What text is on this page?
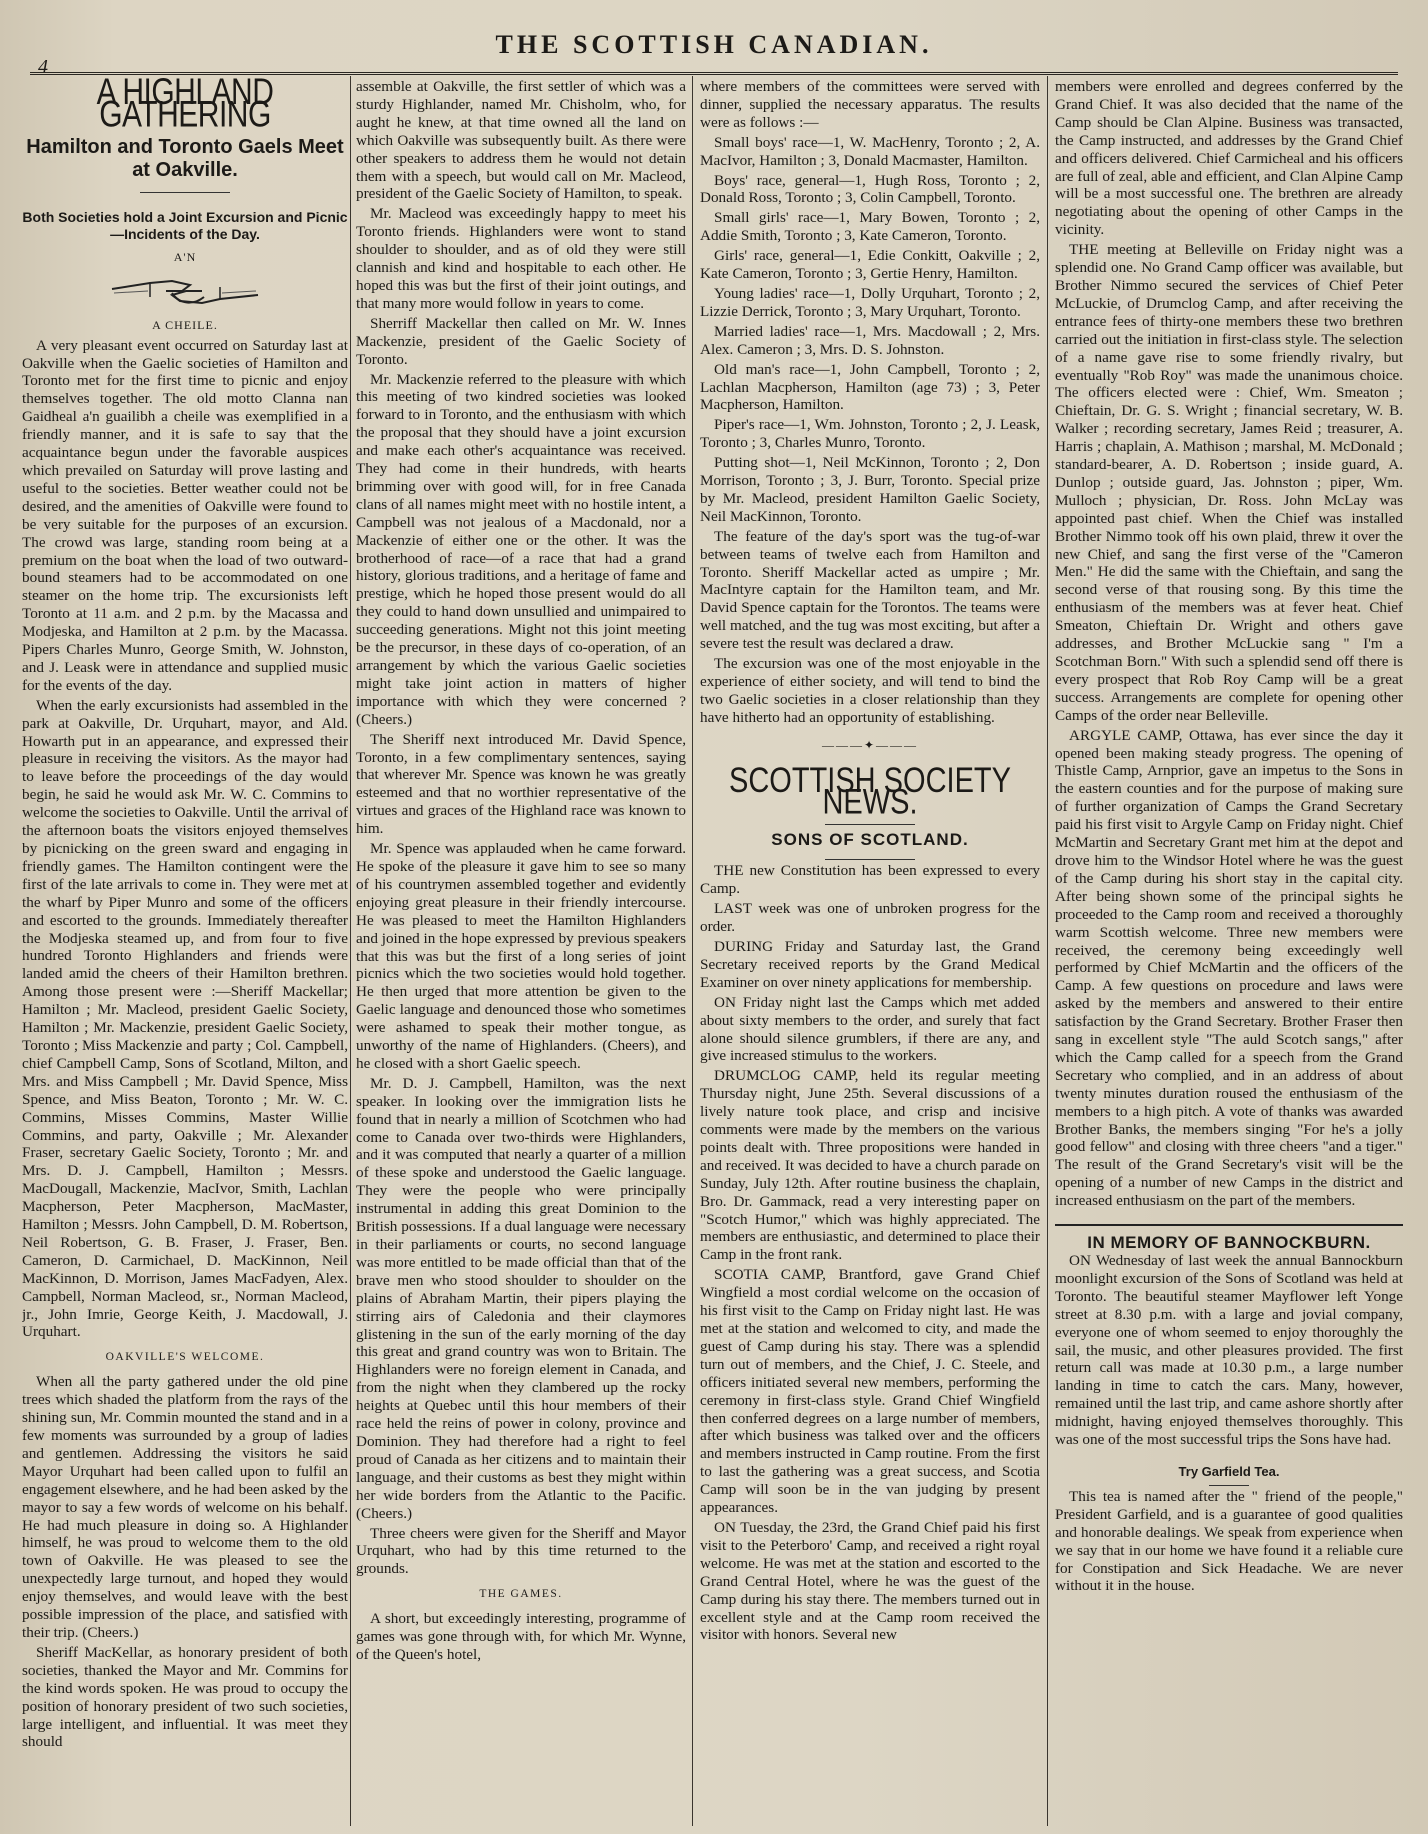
4
THE SCOTTISH CANADIAN.
A HIGHLAND GATHERING
Hamilton and Toronto Gaels Meet at Oakville.
Both Societies hold a Joint Excursion and Picnic—Incidents of the Day.
A'N
A CHEILE.

A very pleasant event occurred on Saturday last at Oakville when the Gaelic societies of Hamilton and Toronto met for the first time to picnic and enjoy themselves together. The old motto Clanna nan Gaidheal a'n guailibh a cheile was exemplified in a friendly manner, and it is safe to say that the acquaintance begun under the favorable auspices which prevailed on Saturday will prove lasting and useful to the societies. Better weather could not be desired, and the amenities of Oakville were found to be very suitable for the purposes of an excursion. The crowd was large, standing room being at a premium on the boat when the load of two outward-bound steamers had to be accommodated on one steamer on the home trip. The excursionists left Toronto at 11 a.m. and 2 p.m. by the Macassa and Modjeska, and Hamilton at 2 p.m. by the Macassa. Pipers Charles Munro, George Smith, W. Johnston, and J. Leask were in attendance and supplied music for the events of the day.

When the early excursionists had assembled in the park at Oakville, Dr. Urquhart, mayor, and Ald. Howarth put in an appearance, and expressed their pleasure in receiving the visitors. As the mayor had to leave before the proceedings of the day would begin, he said he would ask Mr. W. C. Commins to welcome the societies to Oakville. Until the arrival of the afternoon boats the visitors enjoyed themselves by picnicking on the green sward and engaging in friendly games. The Hamilton contingent were the first of the late arrivals to come in. They were met at the wharf by Piper Munro and some of the officers and escorted to the grounds. Immediately thereafter the Modjeska steamed up, and from four to five hundred Toronto Highlanders and friends were landed amid the cheers of their Hamilton brethren. Among those present were :—Sheriff Mackellar; Hamilton ; Mr. Macleod, president Gaelic Society, Hamilton ; Mr. Mackenzie, president Gaelic Society, Toronto ; Miss Mackenzie and party ; Col. Campbell, chief Campbell Camp, Sons of Scotland, Milton, and Mrs. and Miss Campbell ; Mr. David Spence, Miss Spence, and Miss Beaton, Toronto ; Mr. W. C. Commins, Misses Commins, Master Willie Commins, and party, Oakville ; Mr. Alexander Fraser, secretary Gaelic Society, Toronto ; Mr. and Mrs. D. J. Campbell, Hamilton ; Messrs. MacDougall, Mackenzie, MacIvor, Smith, Lachlan Macpherson, Peter Macpherson, MacMaster, Hamilton ; Messrs. John Campbell, D. M. Robertson, Neil Robertson, G. B. Fraser, J. Fraser, Ben. Cameron, D. Carmichael, D. MacKinnon, Neil MacKinnon, D. Morrison, James MacFadyen, Alex. Campbell, Norman Macleod, sr., Norman Macleod, jr., John Imrie, George Keith, J. Macdowall, J. Urquhart.

OAKVILLE'S WELCOME.

When all the party gathered under the old pine trees which shaded the platform from the rays of the shining sun, Mr. Commin mounted the stand and in a few moments was surrounded by a group of ladies and gentlemen. Addressing the visitors he said Mayor Urquhart had been called upon to fulfil an engagement elsewhere, and he had been asked by the mayor to say a few words of welcome on his behalf. He had much pleasure in doing so. A Highlander himself, he was proud to welcome them to the old town of Oakville. He was pleased to see the unexpectedly large turnout, and hoped they would enjoy themselves, and would leave with the best possible impression of the place, and satisfied with their trip. (Cheers.)

Sheriff MacKellar, as honorary president of both societies, thanked the Mayor and Mr. Commins for the kind words spoken. He was proud to occupy the position of honorary president of two such societies, large intelligent, and influential. It was meet they should

assemble at Oakville, the first settler of which was a sturdy Highlander, named Mr. Chisholm, who, for aught he knew, at that time owned all the land on which Oakville was subsequently built. As there were other speakers to address them he would not detain them with a speech, but would call on Mr. Macleod, president of the Gaelic Society of Hamilton, to speak.

Mr. Macleod was exceedingly happy to meet his Toronto friends. Highlanders were wont to stand shoulder to shoulder, and as of old they were still clannish and kind and hospitable to each other. He hoped this was but the first of their joint outings, and that many more would follow in years to come.

Sherriff Mackellar then called on Mr. W. Innes Mackenzie, president of the Gaelic Society of Toronto.

Mr. Mackenzie referred to the pleasure with which this meeting of two kindred societies was looked forward to in Toronto, and the enthusiasm with which the proposal that they should have a joint excursion and make each other's acquaintance was received. They had come in their hundreds, with hearts brimming over with good will, for in free Canada clans of all names might meet with no hostile intent, a Campbell was not jealous of a Macdonald, nor a Mackenzie of either one or the other. It was the brotherhood of race—of a race that had a grand history, glorious traditions, and a heritage of fame and prestige, which he hoped those present would do all they could to hand down unsullied and unimpaired to succeeding generations. Might not this joint meeting be the precursor, in these days of co-operation, of an arrangement by which the various Gaelic societies might take joint action in matters of higher importance with which they were concerned ? (Cheers.)

The Sheriff next introduced Mr. David Spence, Toronto, in a few complimentary sentences, saying that wherever Mr. Spence was known he was greatly esteemed and that no worthier representative of the virtues and graces of the Highland race was known to him.

Mr. Spence was applauded when he came forward. He spoke of the pleasure it gave him to see so many of his countrymen assembled together and evidently enjoying great pleasure in their friendly intercourse. He was pleased to meet the Hamilton Highlanders and joined in the hope expressed by previous speakers that this was but the first of a long series of joint picnics which the two societies would hold together. He then urged that more attention be given to the Gaelic language and denounced those who sometimes were ashamed to speak their mother tongue, as unworthy of the name of Highlanders. (Cheers), and he closed with a short Gaelic speech.

Mr. D. J. Campbell, Hamilton, was the next speaker. In looking over the immigration lists he found that in nearly a million of Scotchmen who had come to Canada over two-thirds were Highlanders, and it was computed that nearly a quarter of a million of these spoke and understood the Gaelic language. They were the people who were principally instrumental in adding this great Dominion to the British possessions. If a dual language were necessary in their parliaments or courts, no second language was more entitled to be made official than that of the brave men who stood shoulder to shoulder on the plains of Abraham Martin, their pipers playing the stirring airs of Caledonia and their claymores glistening in the sun of the early morning of the day this great and grand country was won to Britain. The Highlanders were no foreign element in Canada, and from the night when they clambered up the rocky heights at Quebec until this hour members of their race held the reins of power in colony, province and Dominion. They had therefore had a right to feel proud of Canada as her citizens and to maintain their language, and their customs as best they might within her wide borders from the Atlantic to the Pacific. (Cheers.)

Three cheers were given for the Sheriff and Mayor Urquhart, who had by this time returned to the grounds.

THE GAMES.

A short, but exceedingly interesting, programme of games was gone through with, for which Mr. Wynne, of the Queen's hotel,

where members of the committees were served with dinner, supplied the necessary apparatus. The results were as follows :—

Small boys' race—1, W. MacHenry, Toronto ; 2, A. MacIvor, Hamilton ; 3, Donald Macmaster, Hamilton.

Boys' race, general—1, Hugh Ross, Toronto ; 2, Donald Ross, Toronto ; 3, Colin Campbell, Toronto.

Small girls' race—1, Mary Bowen, Toronto ; 2, Addie Smith, Toronto ; 3, Kate Cameron, Toronto.

Girls' race, general—1, Edie Conkitt, Oakville ; 2, Kate Cameron, Toronto ; 3, Gertie Henry, Hamilton.

Young ladies' race—1, Dolly Urquhart, Toronto ; 2, Lizzie Derrick, Toronto ; 3, Mary Urquhart, Toronto.

Married ladies' race—1, Mrs. Macdowall ; 2, Mrs. Alex. Cameron ; 3, Mrs. D. S. Johnston.

Old man's race—1, John Campbell, Toronto ; 2, Lachlan Macpherson, Hamilton (age 73) ; 3, Peter Macpherson, Hamilton.

Piper's race—1, Wm. Johnston, Toronto ; 2, J. Leask, Toronto ; 3, Charles Munro, Toronto.

Putting shot—1, Neil McKinnon, Toronto ; 2, Don Morrison, Toronto ; 3, J. Burr, Toronto. Special prize by Mr. Macleod, president Hamilton Gaelic Society, Neil MacKinnon, Toronto.

The feature of the day's sport was the tug-of-war between teams of twelve each from Hamilton and Toronto. Sheriff Mackellar acted as umpire ; Mr. MacIntyre captain for the Hamilton team, and Mr. David Spence captain for the Torontos. The teams were well matched, and the tug was most exciting, but after a severe test the result was declared a draw.

The excursion was one of the most enjoyable in the experience of either society, and will tend to bind the two Gaelic societies in a closer relationship than they have hitherto had an opportunity of establishing.

———✦———
SCOTTISH SOCIETY NEWS.
SONS OF SCOTLAND.

THE new Constitution has been expressed to every Camp.

LAST week was one of unbroken progress for the order.

DURING Friday and Saturday last, the Grand Secretary received reports by the Grand Medical Examiner on over ninety applications for membership.

ON Friday night last the Camps which met added about sixty members to the order, and surely that fact alone should silence grumblers, if there are any, and give increased stimulus to the workers.

DRUMCLOG CAMP, held its regular meeting Thursday night, June 25th. Several discussions of a lively nature took place, and crisp and incisive comments were made by the members on the various points dealt with. Three propositions were handed in and received. It was decided to have a church parade on Sunday, July 12th. After routine business the chaplain, Bro. Dr. Gammack, read a very interesting paper on "Scotch Humor," which was highly appreciated. The members are enthusiastic, and determined to place their Camp in the front rank.

SCOTIA CAMP, Brantford, gave Grand Chief Wingfield a most cordial welcome on the occasion of his first visit to the Camp on Friday night last. He was met at the station and welcomed to city, and made the guest of Camp during his stay. There was a splendid turn out of members, and the Chief, J. C. Steele, and officers initiated several new members, performing the ceremony in first-class style. Grand Chief Wingfield then conferred degrees on a large number of members, after which business was talked over and the officers and members instructed in Camp routine. From the first to last the gathering was a great success, and Scotia Camp will soon be in the van judging by present appearances.

ON Tuesday, the 23rd, the Grand Chief paid his first visit to the Peterboro' Camp, and received a right royal welcome. He was met at the station and escorted to the Grand Central Hotel, where he was the guest of the Camp during his stay there. The members turned out in excellent style and at the Camp room received the visitor with honors. Several new

members were enrolled and degrees conferred by the Grand Chief. It was also decided that the name of the Camp should be Clan Alpine. Business was transacted, the Camp instructed, and addresses by the Grand Chief and officers delivered. Chief Carmicheal and his officers are full of zeal, able and efficient, and Clan Alpine Camp will be a most successful one. The brethren are already negotiating about the opening of other Camps in the vicinity.

THE meeting at Belleville on Friday night was a splendid one. No Grand Camp officer was available, but Brother Nimmo secured the services of Chief Peter McLuckie, of Drumclog Camp, and after receiving the entrance fees of thirty-one members these two brethren carried out the initiation in first-class style. The selection of a name gave rise to some friendly rivalry, but eventually "Rob Roy" was made the unanimous choice. The officers elected were : Chief, Wm. Smeaton ; Chieftain, Dr. G. S. Wright ; financial secretary, W. B. Walker ; recording secretary, James Reid ; treasurer, A. Harris ; chaplain, A. Mathison ; marshal, M. McDonald ; standard-bearer, A. D. Robertson ; inside guard, A. Dunlop ; outside guard, Jas. Johnston ; piper, Wm. Mulloch ; physician, Dr. Ross. John McLay was appointed past chief. When the Chief was installed Brother Nimmo took off his own plaid, threw it over the new Chief, and sang the first verse of the "Cameron Men." He did the same with the Chieftain, and sang the second verse of that rousing song. By this time the enthusiasm of the members was at fever heat. Chief Smeaton, Chieftain Dr. Wright and others gave addresses, and Brother McLuckie sang " I'm a Scotchman Born." With such a splendid send off there is every prospect that Rob Roy Camp will be a great success. Arrangements are complete for opening other Camps of the order near Belleville.

ARGYLE CAMP, Ottawa, has ever since the day it opened been making steady progress. The opening of Thistle Camp, Arnprior, gave an impetus to the Sons in the eastern counties and for the purpose of making sure of further organization of Camps the Grand Secretary paid his first visit to Argyle Camp on Friday night. Chief McMartin and Secretary Grant met him at the depot and drove him to the Windsor Hotel where he was the guest of the Camp during his short stay in the capital city. After being shown some of the principal sights he proceeded to the Camp room and received a thoroughly warm Scottish welcome. Three new members were received, the ceremony being exceedingly well performed by Chief McMartin and the officers of the Camp. A few questions on procedure and laws were asked by the members and answered to their entire satisfaction by the Grand Secretary. Brother Fraser then sang in excellent style "The auld Scotch sangs," after which the Camp called for a speech from the Grand Secretary who complied, and in an address of about twenty minutes duration roused the enthusiasm of the members to a high pitch. A vote of thanks was awarded Brother Banks, the members singing "For he's a jolly good fellow" and closing with three cheers "and a tiger." The result of the Grand Secretary's visit will be the opening of a number of new Camps in the district and increased enthusiasm on the part of the members.

IN MEMORY OF BANNOCKBURN.

ON Wednesday of last week the annual Bannockburn moonlight excursion of the Sons of Scotland was held at Toronto. The beautiful steamer Mayflower left Yonge street at 8.30 p.m. with a large and jovial company, everyone one of whom seemed to enjoy thoroughly the sail, the music, and other pleasures provided. The first return call was made at 10.30 p.m., a large number landing in time to catch the cars. Many, however, remained until the last trip, and came ashore shortly after midnight, having enjoyed themselves thoroughly. This was one of the most successful trips the Sons have had.

Try Garfield Tea.

This tea is named after the " friend of the people," President Garfield, and is a guarantee of good qualities and honorable dealings. We speak from experience when we say that in our home we have found it a reliable cure for Constipation and Sick Headache. We are never without it in the house.
